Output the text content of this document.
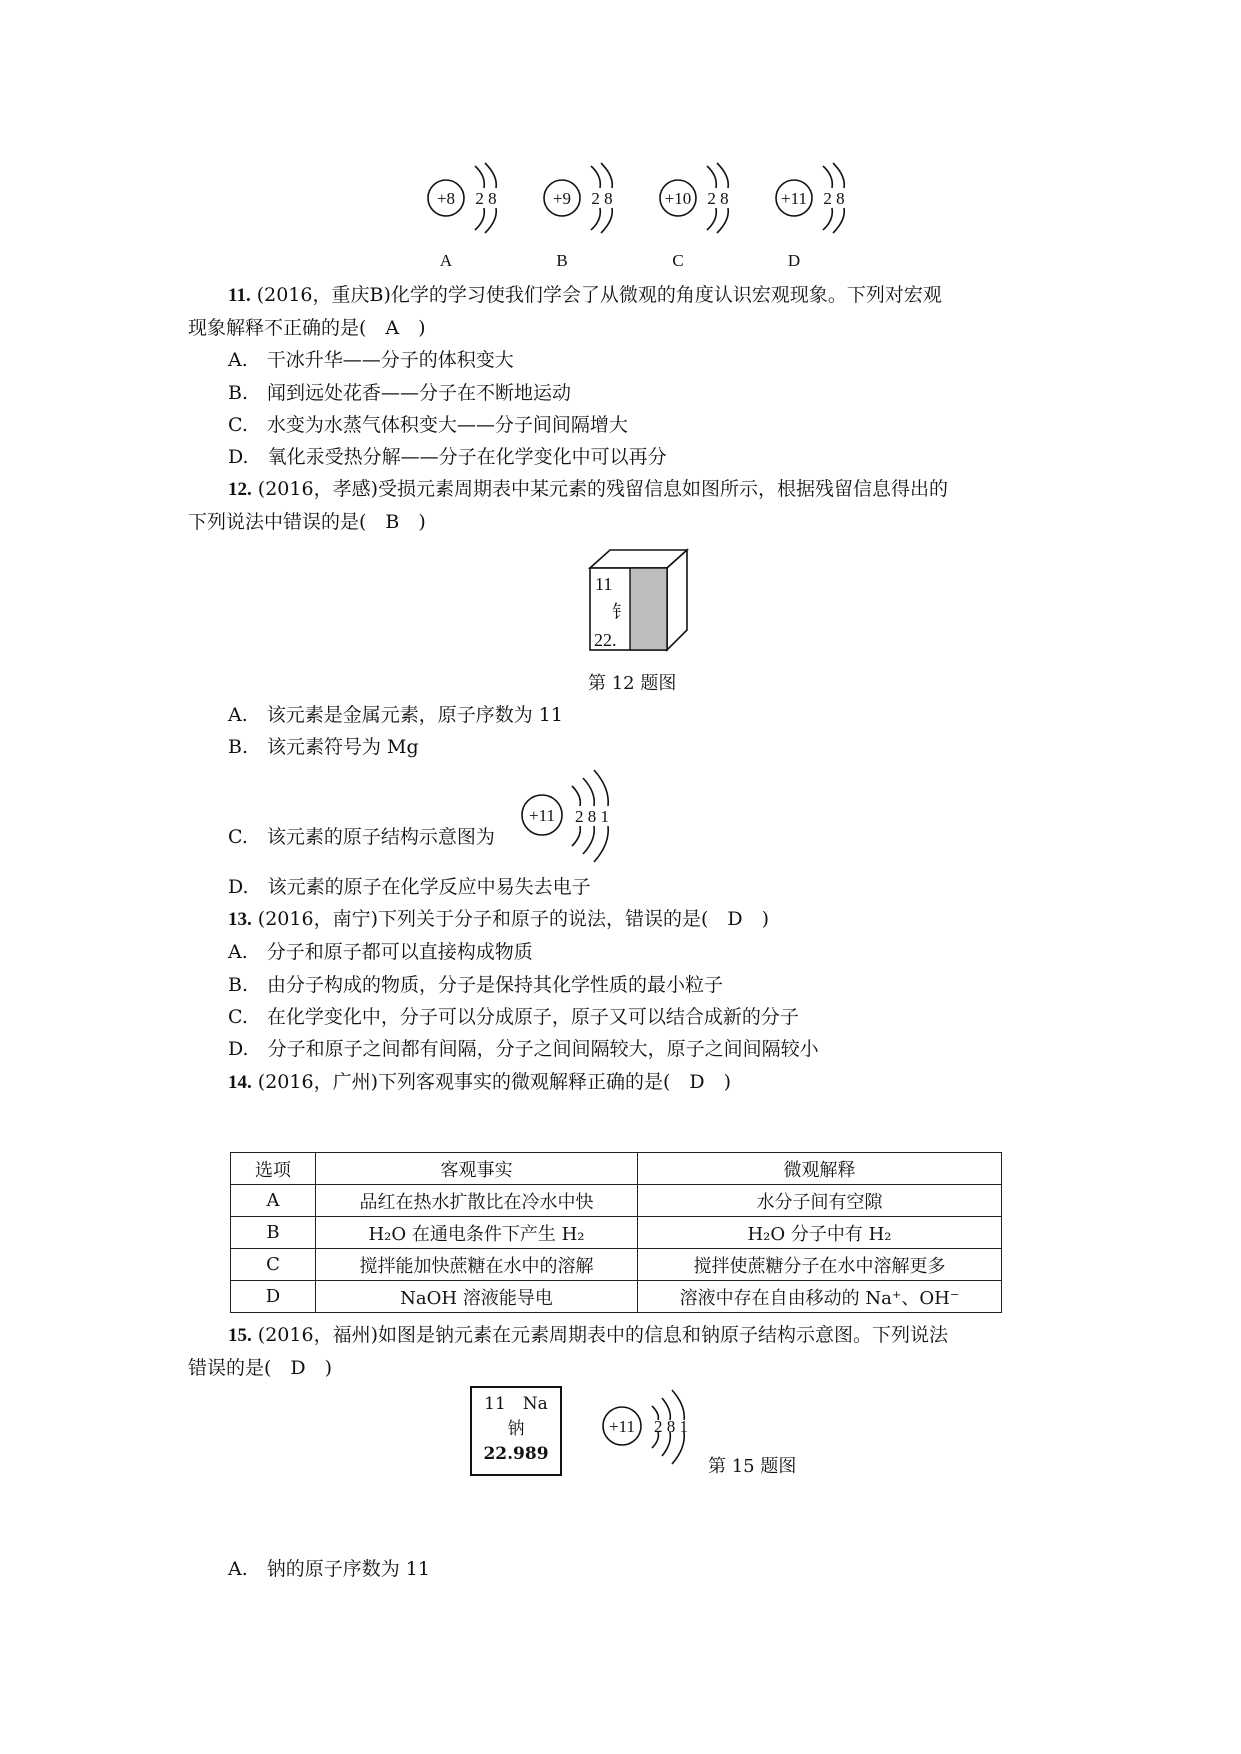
+8 2 8
A
+9 2 8
B
+10 2 8
C
+11 2 8
D
11. (2016，重庆B)化学的学习使我们学会了从微观的角度认识宏观现象。下列对宏观
现象解释不正确的是(　A　)
A.　干冰升华——分子的体积变大
B.　闻到远处花香——分子在不断地运动
C.　水变为水蒸气体积变大——分子间间隔增大
D.　氧化汞受热分解——分子在化学变化中可以再分
12. (2016，孝感)受损元素周期表中某元素的残留信息如图所示，根据残留信息得出的
下列说法中错误的是(　B　)
11
钅
22.
第 12 题图
A.　该元素是金属元素，原子序数为 11
B.　该元素符号为 Mg
+11 2 8 1
C.　该元素的原子结构示意图为
D.　该元素的原子在化学反应中易失去电子
13. (2016，南宁)下列关于分子和原子的说法，错误的是(　D　)
A.　分子和原子都可以直接构成物质
B.　由分子构成的物质，分子是保持其化学性质的最小粒子
C.　在化学变化中，分子可以分成原子，原子又可以结合成新的分子
D.　分子和原子之间都有间隔，分子之间间隔较大，原子之间间隔较小
14. (2016，广州)下列客观事实的微观解释正确的是(　D　)
选项	客观事实	微观解释
A	品红在热水扩散比在冷水中快	水分子间有空隙
B	H₂O 在通电条件下产生 H₂	H₂O 分子中有 H₂
C	搅拌能加快蔗糖在水中的溶解	搅拌使蔗糖分子在水中溶解更多
D	NaOH 溶液能导电	溶液中存在自由移动的 Na⁺、OH⁻
15. (2016，福州)如图是钠元素在元素周期表中的信息和钠原子结构示意图。下列说法
错误的是(　D　)
11　Na
钠
22.989
+11 2 8 1
第 15 题图
A.　钠的原子序数为 11
